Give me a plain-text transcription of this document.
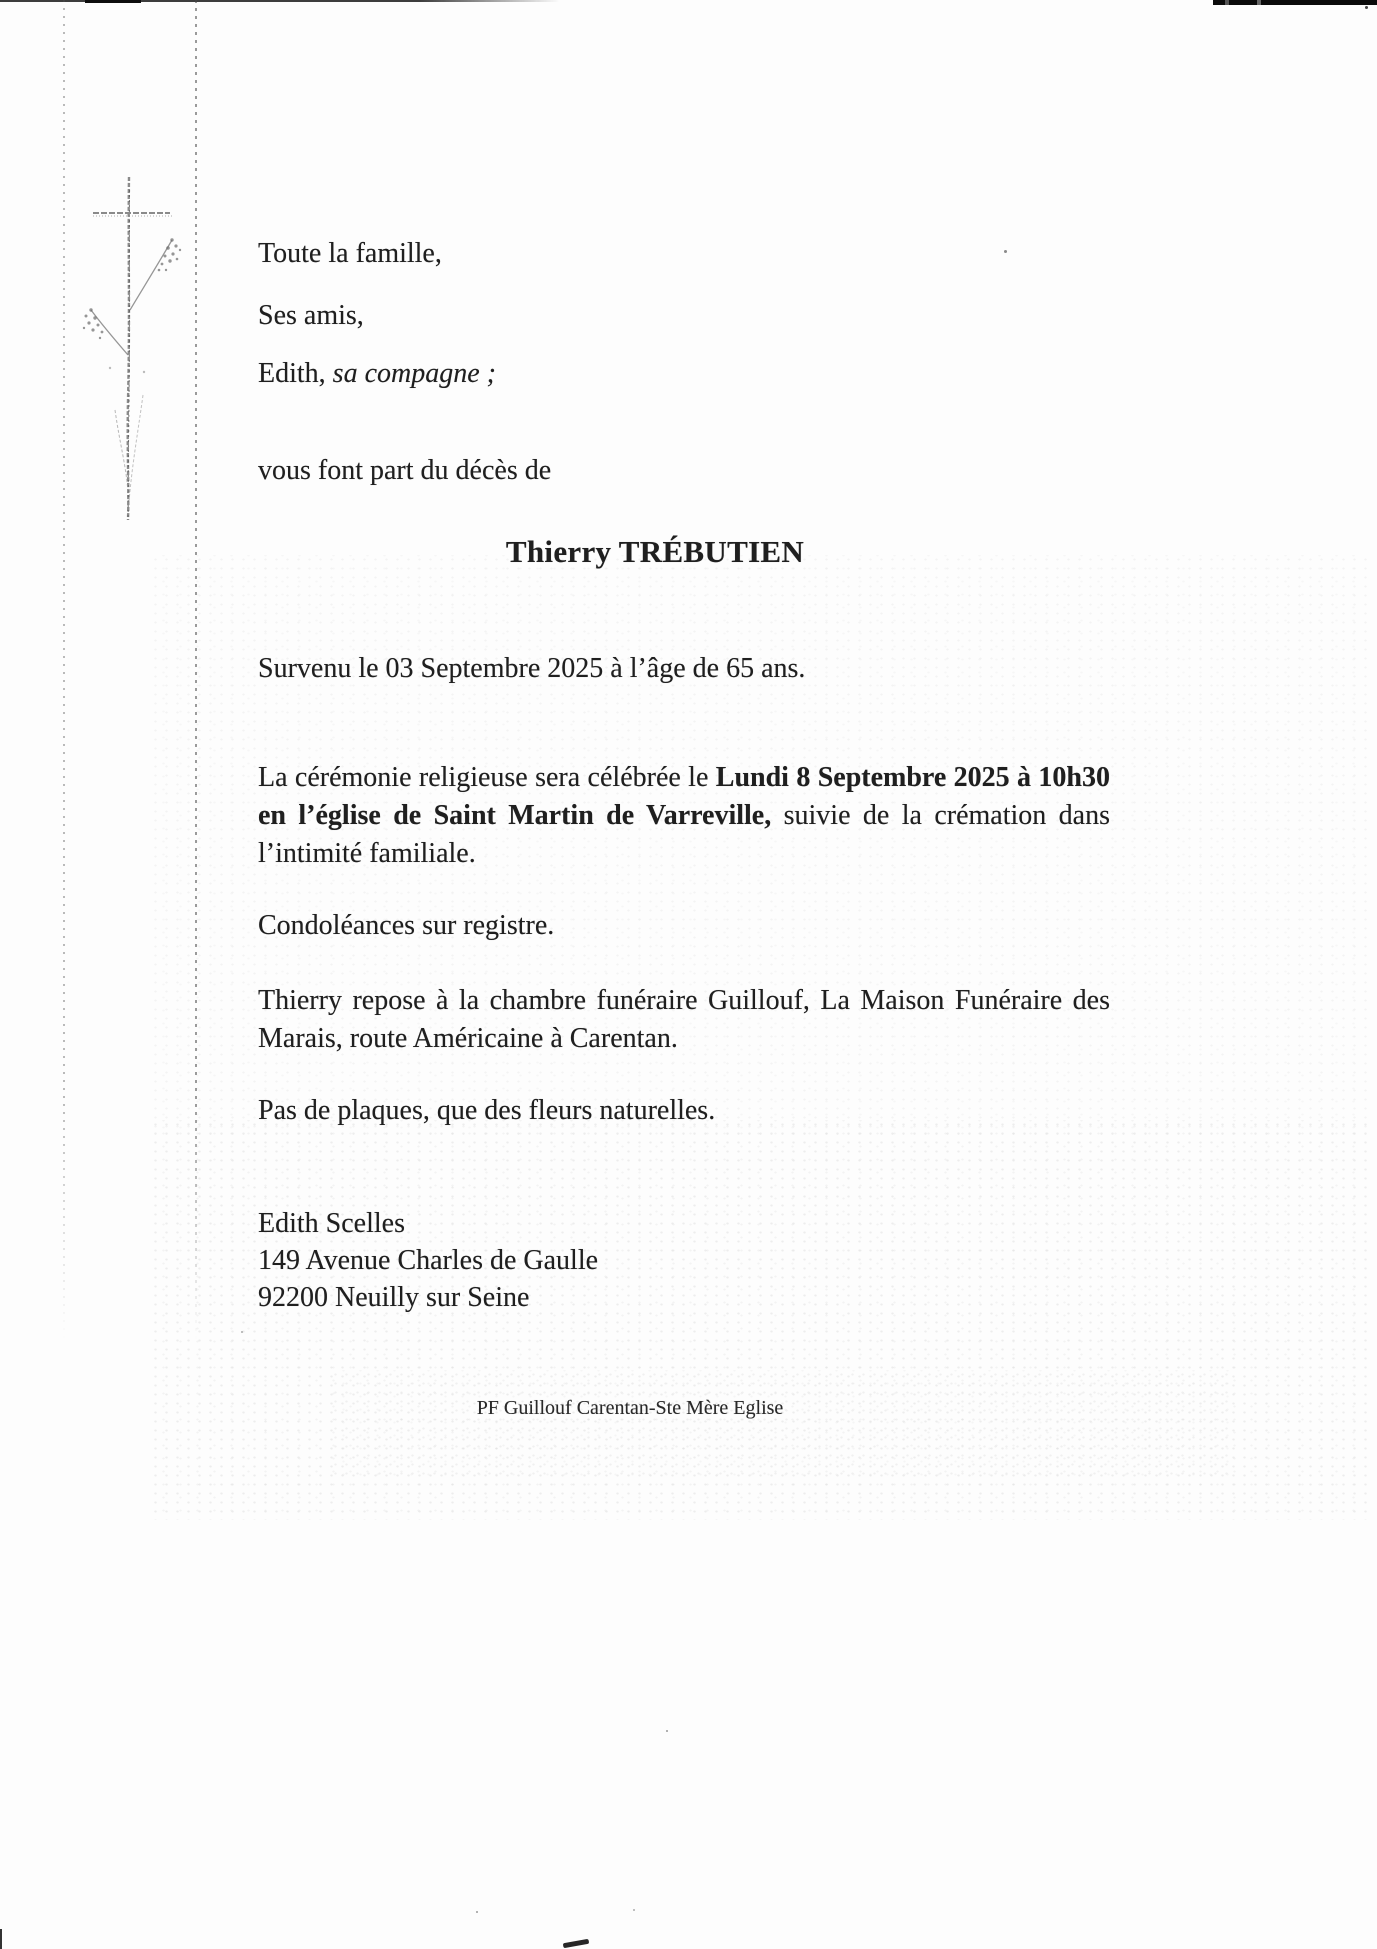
Toute la famille,
Ses amis,
Edith, sa compagne ;
vous font part du décès de
Thierry TRÉBUTIEN
Survenu le 03 Septembre 2025 à l’âge de 65 ans.
La cérémonie religieuse sera célébrée le Lundi 8 Septembre 2025 à 10h30
en l’église de Saint Martin de Varreville, suivie de la crémation dans
l’intimité familiale.
Condoléances sur registre.
Thierry repose à la chambre funéraire Guillouf, La Maison Funéraire des
Marais, route Américaine à Carentan.
Pas de plaques, que des fleurs naturelles.
Edith Scelles
149 Avenue Charles de Gaulle
92200 Neuilly sur Seine
PF Guillouf Carentan-Ste Mère Eglise
